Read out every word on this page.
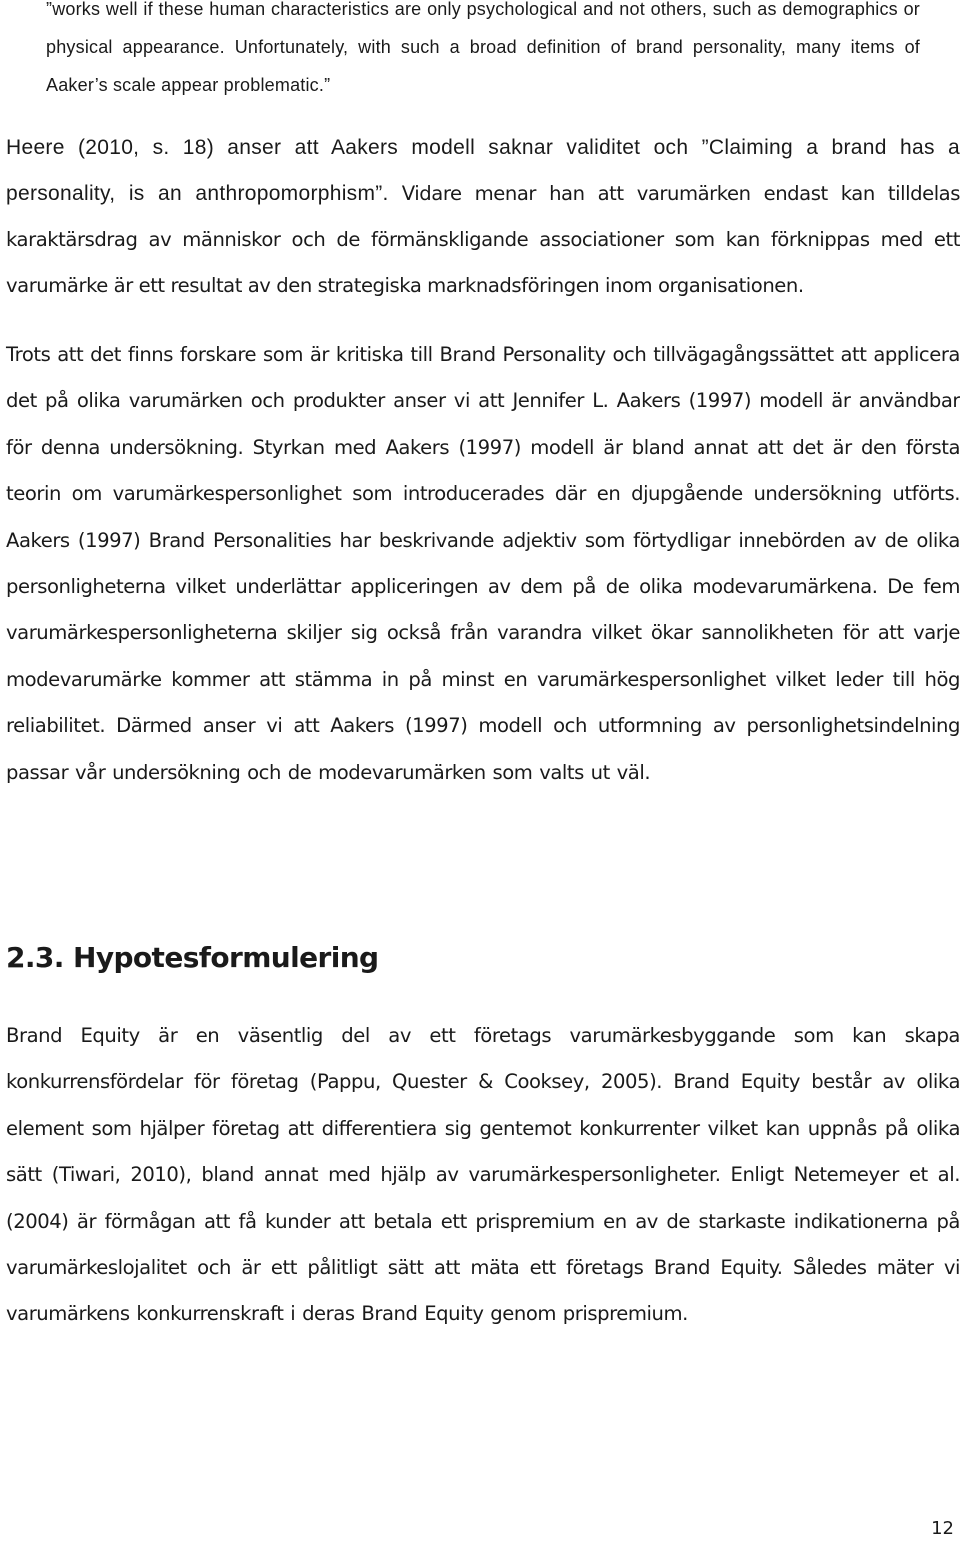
”works well if these human characteristics are only psychological and not others, such as demographics or physical appearance. Unfortunately, with such a broad definition of brand personality, many items of Aaker’s scale appear problematic.”

Heere (2010, s. 18) anser att Aakers modell saknar validitet och ”Claiming a brand has a personality, is an anthropomorphism”. Vidare menar han att varumärken endast kan tilldelas karaktärsdrag av människor och de förmänskligande associationer som kan förknippas med ett varumärke är ett resultat av den strategiska marknadsföringen inom organisationen.

Trots att det finns forskare som är kritiska till Brand Personality och tillvägagångssättet att applicera det på olika varumärken och produkter anser vi att Jennifer L. Aakers (1997) modell är användbar för denna undersökning. Styrkan med Aakers (1997) modell är bland annat att det är den första teorin om varumärkespersonlighet som introducerades där en djupgående undersökning utförts. Aakers (1997) Brand Personalities har beskrivande adjektiv som förtydligar innebörden av de olika personligheterna vilket underlättar appliceringen av dem på de olika modevarumärkena. De fem varumärkespersonligheterna skiljer sig också från varandra vilket ökar sannolikheten för att varje modevarumärke kommer att stämma in på minst en varumärkespersonlighet vilket leder till hög reliabilitet. Därmed anser vi att Aakers (1997) modell och utformning av personlighetsindelning passar vår undersökning och de modevarumärken som valts ut väl.

2.3. Hypotesformulering

Brand Equity är en väsentlig del av ett företags varumärkesbyggande som kan skapa konkurrensfördelar för företag (Pappu, Quester & Cooksey, 2005). Brand Equity består av olika element som hjälper företag att differentiera sig gentemot konkurrenter vilket kan uppnås på olika sätt (Tiwari, 2010), bland annat med hjälp av varumärkespersonligheter. Enligt Netemeyer et al. (2004) är förmågan att få kunder att betala ett prispremium en av de starkaste indikationerna på varumärkeslojalitet och är ett pålitligt sätt att mäta ett företags Brand Equity. Således mäter vi varumärkens konkurrenskraft i deras Brand Equity genom prispremium.

12
